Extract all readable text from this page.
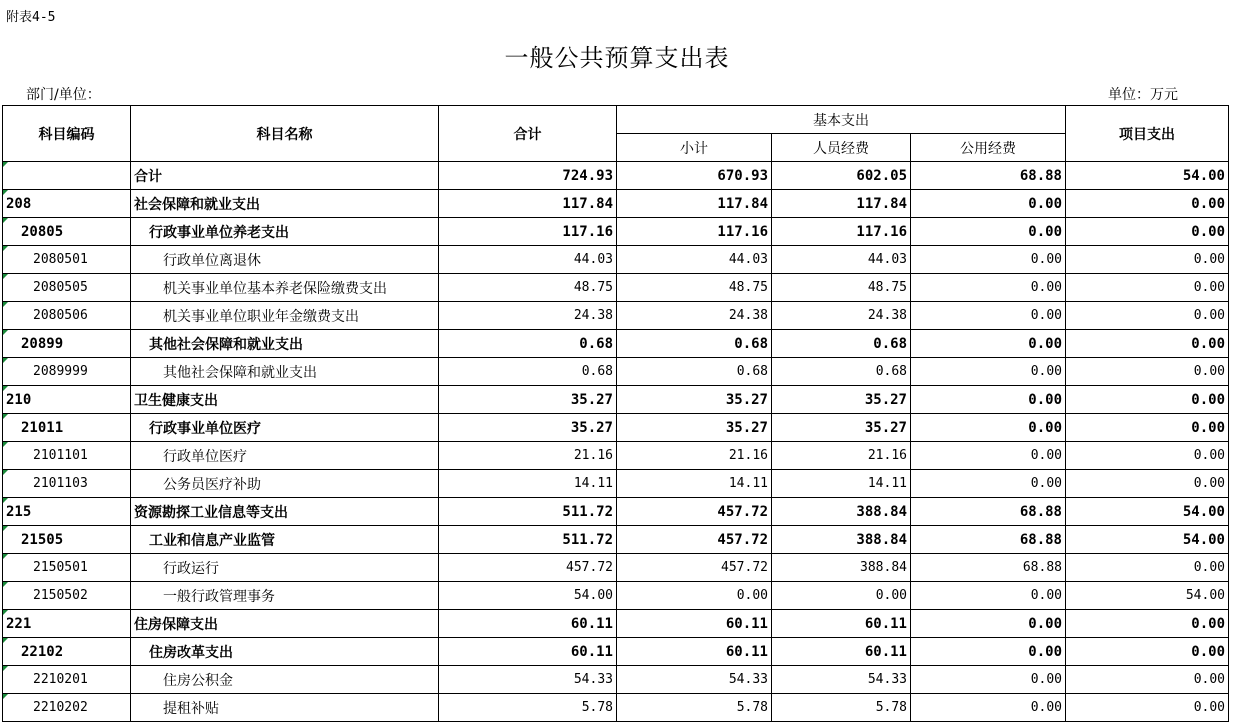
附表4-5
一般公共预算支出表
部门/单位：	单位：万元
科目编码	科目名称	合计	基本支出			项目支出
			小计	人员经费	公用经费	

	合计	724.93	670.93	602.05	68.88	54.00
208	社会保障和就业支出	117.84	117.84	117.84	0.00	0.00
20805	行政事业单位养老支出	117.16	117.16	117.16	0.00	0.00
2080501	行政单位离退休	44.03	44.03	44.03	0.00	0.00
2080505	机关事业单位基本养老保险缴费支出	48.75	48.75	48.75	0.00	0.00
2080506	机关事业单位职业年金缴费支出	24.38	24.38	24.38	0.00	0.00
20899	其他社会保障和就业支出	0.68	0.68	0.68	0.00	0.00
2089999	其他社会保障和就业支出	0.68	0.68	0.68	0.00	0.00
210	卫生健康支出	35.27	35.27	35.27	0.00	0.00
21011	行政事业单位医疗	35.27	35.27	35.27	0.00	0.00
2101101	行政单位医疗	21.16	21.16	21.16	0.00	0.00
2101103	公务员医疗补助	14.11	14.11	14.11	0.00	0.00
215	资源勘探工业信息等支出	511.72	457.72	388.84	68.88	54.00
21505	工业和信息产业监管	511.72	457.72	388.84	68.88	54.00
2150501	行政运行	457.72	457.72	388.84	68.88	0.00
2150502	一般行政管理事务	54.00	0.00	0.00	0.00	54.00
221	住房保障支出	60.11	60.11	60.11	0.00	0.00
22102	住房改革支出	60.11	60.11	60.11	0.00	0.00
2210201	住房公积金	54.33	54.33	54.33	0.00	0.00
2210202	提租补贴	5.78	5.78	5.78	0.00	0.00
